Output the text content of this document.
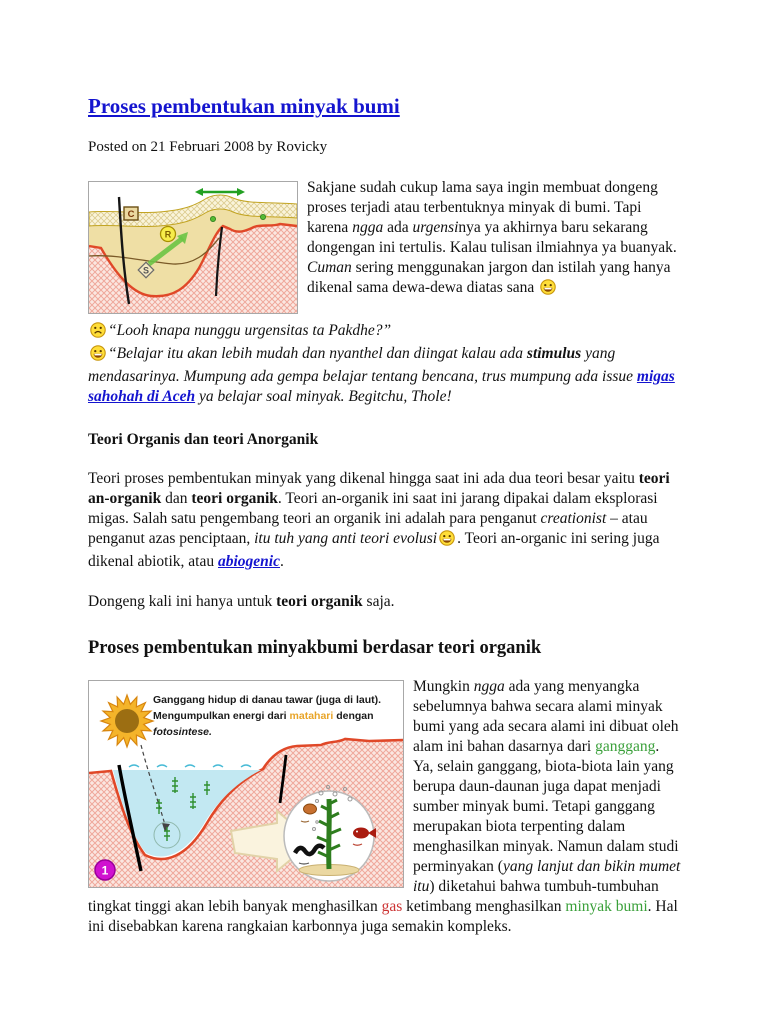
Proses pembentukan minyak bumi

Posted on 21 Februari 2008 by Rovicky

C
R
S

Sakjane sudah cukup lama saya ingin membuat dongeng proses terjadi atau terbentuknya minyak di bumi. Tapi karena ngga ada urgensinya ya akhirnya baru sekarang dongengan ini tertulis. Kalau tulisan ilmiahnya ya buanyak. Cuman sering menggunakan jargon dan istilah yang hanya dikenal sama dewa-dewa diatas sana

“Looh knapa nunggu urgensitas ta Pakdhe?”

“Belajar itu akan lebih mudah dan nyanthel dan diingat kalau ada stimulus yang mendasarinya. Mumpung ada gempa belajar tentang bencana, trus mumpung ada issue migas sahohah di Aceh ya belajar soal minyak. Begitchu, Thole!

Teori Organis dan teori Anorganik

Teori proses pembentukan minyak yang dikenal hingga saat ini ada dua teori besar yaitu teori an-organik dan teori organik. Teori an-organik ini saat ini jarang dipakai dalam eksplorasi migas. Salah satu pengembang teori an organik ini adalah para penganut creationist – atau penganut azas penciptaan, itu tuh yang anti teori evolusi . Teori an-organic ini sering juga dikenal abiotik, atau abiogenic.

Dongeng kali ini hanya untuk teori organik saja.

Proses pembentukan minyakbumi berdasar teori organik
Ganggang hidup di danau tawar (juga di laut).
Mengumpulkan energi dari matahari dengan
fotosintese.
1

Mungkin ngga ada yang menyangka sebelumnya bahwa secara alami minyak bumi yang ada secara alami ini dibuat oleh alam ini bahan dasarnya dari ganggang. Ya, selain ganggang, biota-biota lain yang berupa daun-daunan juga dapat menjadi sumber minyak bumi. Tetapi ganggang merupakan biota terpenting dalam menghasilkan minyak. Namun dalam studi perminyakan (yang lanjut dan bikin mumet itu) diketahui bahwa tumbuh-tumbuhan tingkat tinggi akan lebih banyak menghasilkan gas ketimbang menghasilkan minyak bumi. Hal ini disebabkan karena rangkaian karbonnya juga semakin kompleks.
